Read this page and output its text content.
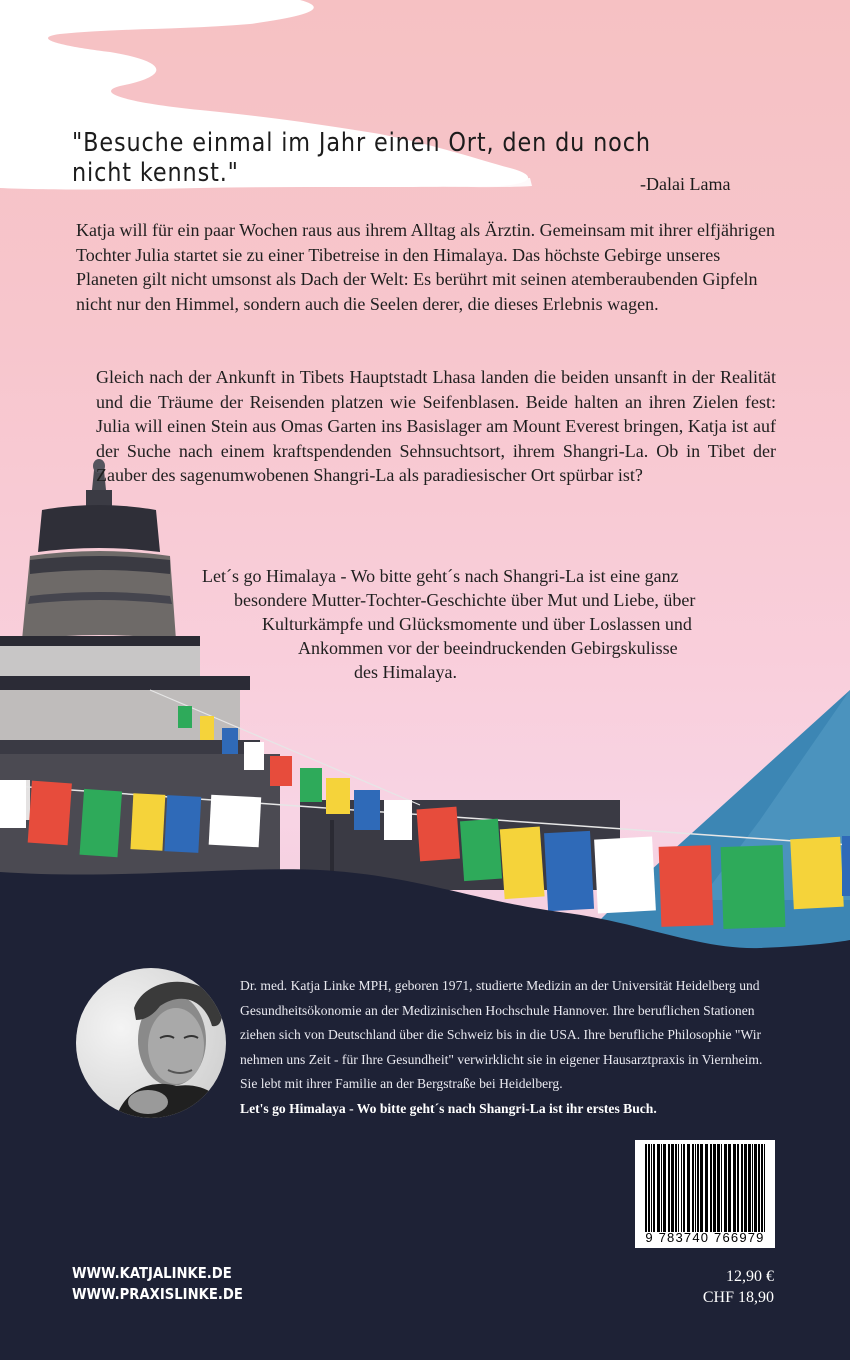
"Besuche einmal im Jahr einen Ort, den du noch nicht kennst."	-Dalai Lama
Katja will für ein paar Wochen raus aus ihrem Alltag als Ärztin. Gemeinsam mit ihrer elfjährigen Tochter Julia startet sie zu einer Tibetreise in den Himalaya. Das höchste Gebirge unseres Planeten gilt nicht umsonst als Dach der Welt: Es berührt mit seinen atemberaubenden Gipfeln nicht nur den Himmel, sondern auch die Seelen derer, die dieses Erlebnis wagen.
Gleich nach der Ankunft in Tibets Hauptstadt Lhasa landen die beiden unsanft in der Realität und die Träume der Reisenden platzen wie Seifenblasen. Beide halten an ihren Zielen fest: Julia will einen Stein aus Omas Garten ins Basislager am Mount Everest bringen, Katja ist auf der Suche nach einem kraftspendenden Sehnsuchtsort, ihrem Shangri-La. Ob in Tibet der Zauber des sagenumwobenen Shangri-La als paradiesischer Ort spürbar ist?
Let´s go Himalaya - Wo bitte geht´s nach Shangri-La ist eine ganz
besondere Mutter-Tochter-Geschichte über Mut und Liebe, über
Kulturkämpfe und Glücksmomente und über Loslassen und
Ankommen vor der beeindruckenden Gebirgskulisse
des Himalaya.
Dr. med. Katja Linke MPH, geboren 1971, studierte Medizin an der Universität Heidelberg und Gesundheitsökonomie an der Medizinischen Hochschule Hannover. Ihre beruflichen Stationen ziehen sich von Deutschland über die Schweiz bis in die USA. Ihre berufliche Philosophie "Wir nehmen uns Zeit - für Ihre Gesundheit" verwirklicht sie in eigener Hausarztpraxis in Viernheim. Sie lebt mit ihrer Familie an der Bergstraße bei Heidelberg.
Let's go Himalaya - Wo bitte geht´s nach Shangri-La ist ihr erstes Buch.
9 783740 766979
WWW.KATJALINKE.DE
WWW.PRAXISLINKE.DE
12,90 €
CHF 18,90
